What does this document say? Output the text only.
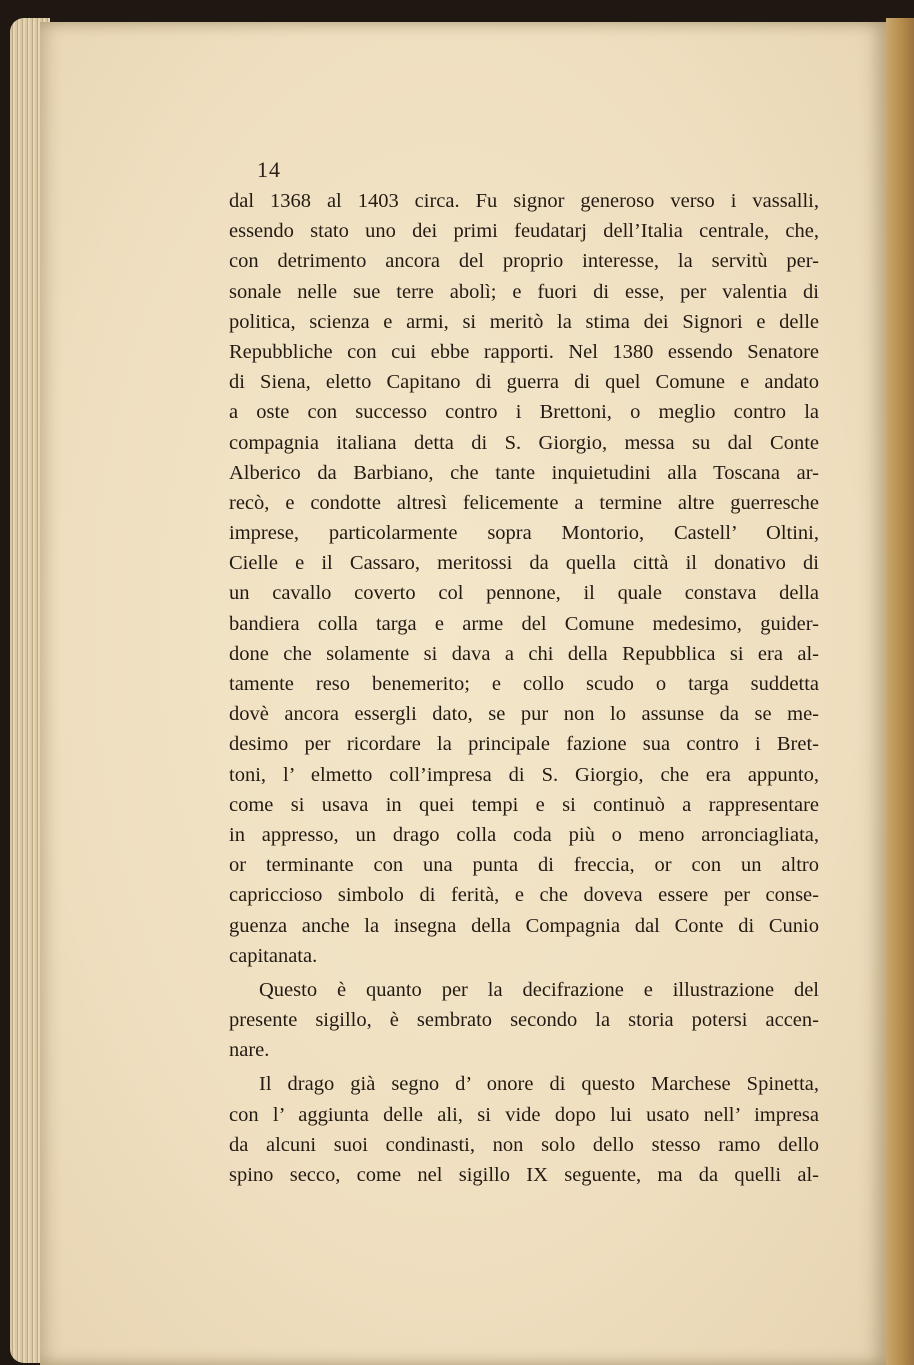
14
dal 1368 al 1403 circa. Fu signor generoso verso i vassalli,
essendo stato uno dei primi feudatarj dell’Italia centrale, che,
con detrimento ancora del proprio interesse, la servitù per-
sonale nelle sue terre abolì; e fuori di esse, per valentia di
politica, scienza e armi, si meritò la stima dei Signori e delle
Repubbliche con cui ebbe rapporti. Nel 1380 essendo Senatore
di Siena, eletto Capitano di guerra di quel Comune e andato
a oste con successo contro i Brettoni, o meglio contro la
compagnia italiana detta di S. Giorgio, messa su dal Conte
Alberico da Barbiano, che tante inquietudini alla Toscana ar-
recò, e condotte altresì felicemente a termine altre guerresche
imprese, particolarmente sopra Montorio, Castell’ Oltini,
Cielle e il Cassaro, meritossi da quella città il donativo di
un cavallo coverto col pennone, il quale constava della
bandiera colla targa e arme del Comune medesimo, guider-
done che solamente si dava a chi della Repubblica si era al-
tamente reso benemerito; e collo scudo o targa suddetta
dovè ancora essergli dato, se pur non lo assunse da se me-
desimo per ricordare la principale fazione sua contro i Bret-
toni, l’ elmetto coll’impresa di S. Giorgio, che era appunto,
come si usava in quei tempi e si continuò a rappresentare
in appresso, un drago colla coda più o meno arronciagliata,
or terminante con una punta di freccia, or con un altro
capriccioso simbolo di ferità, e che doveva essere per conse-
guenza anche la insegna della Compagnia dal Conte di Cunio
capitanata.
Questo è quanto per la decifrazione e illustrazione del
presente sigillo, è sembrato secondo la storia potersi accen-
nare.
Il drago già segno d’ onore di questo Marchese Spinetta,
con l’ aggiunta delle ali, si vide dopo lui usato nell’ impresa
da alcuni suoi condinasti, non solo dello stesso ramo dello
spino secco, come nel sigillo IX seguente, ma da quelli al-
